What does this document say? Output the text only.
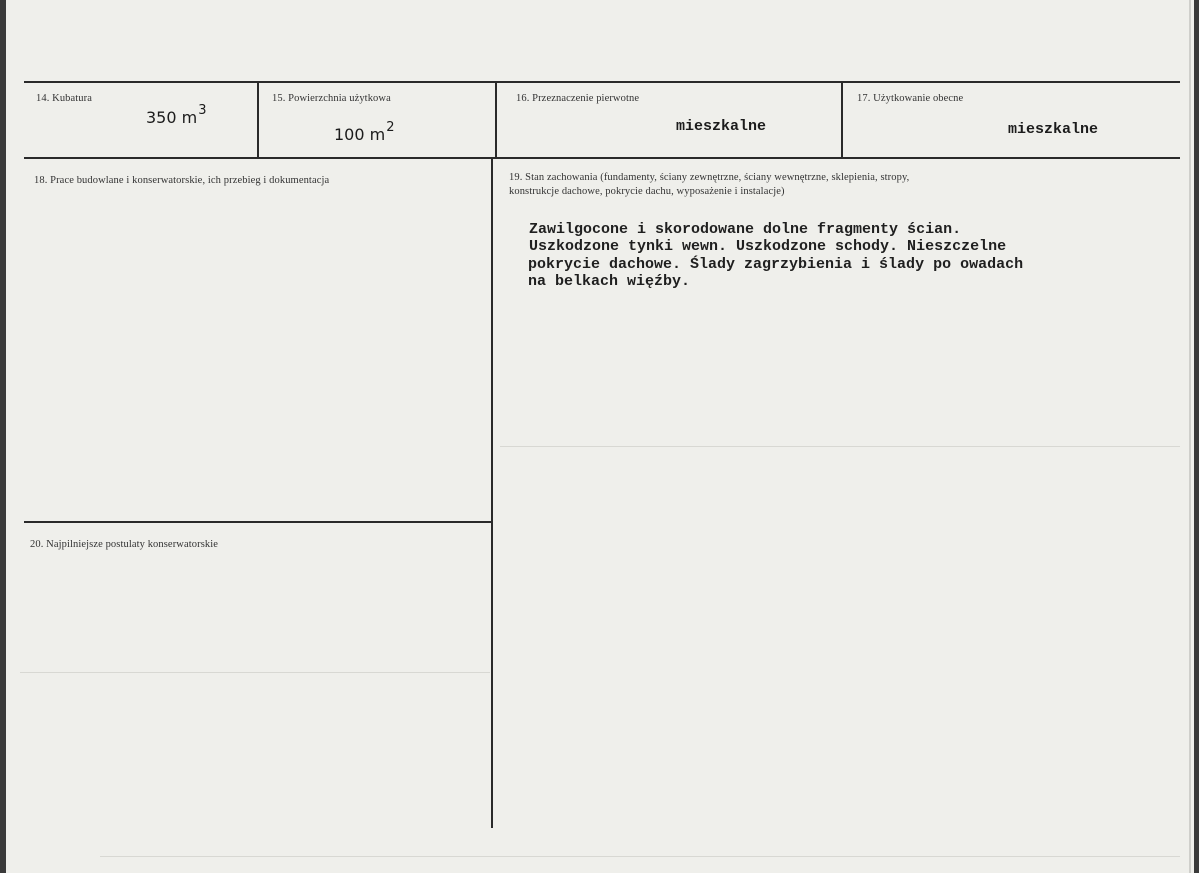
14. Kubatura
350 $m^3$
15. Powierzchnia użytkowa
100 $m^2$
16. Przeznaczenie pierwotne
mieszkalne
17. Użytkowanie obecne
mieszkalne
18. Prace budowlane i konserwatorskie, ich przebieg i dokumentacja	19. Stan zachowania (fundamenty, ściany zewnętrzne, ściany wewnętrzne, sklepienia, stropy,
konstrukcje dachowe, pokrycie dachu, wyposażenie i instalacje)
Zawilgocone i skorodowane dolne fragmenty ścian.
Uszkodzone tynki wewn. Uszkodzone schody. Nieszczelne
pokrycie dachowe. Ślady zagrzybienia i ślady po owadach
na belkach więźby.
20. Najpilniejsze postulaty konserwatorskie
